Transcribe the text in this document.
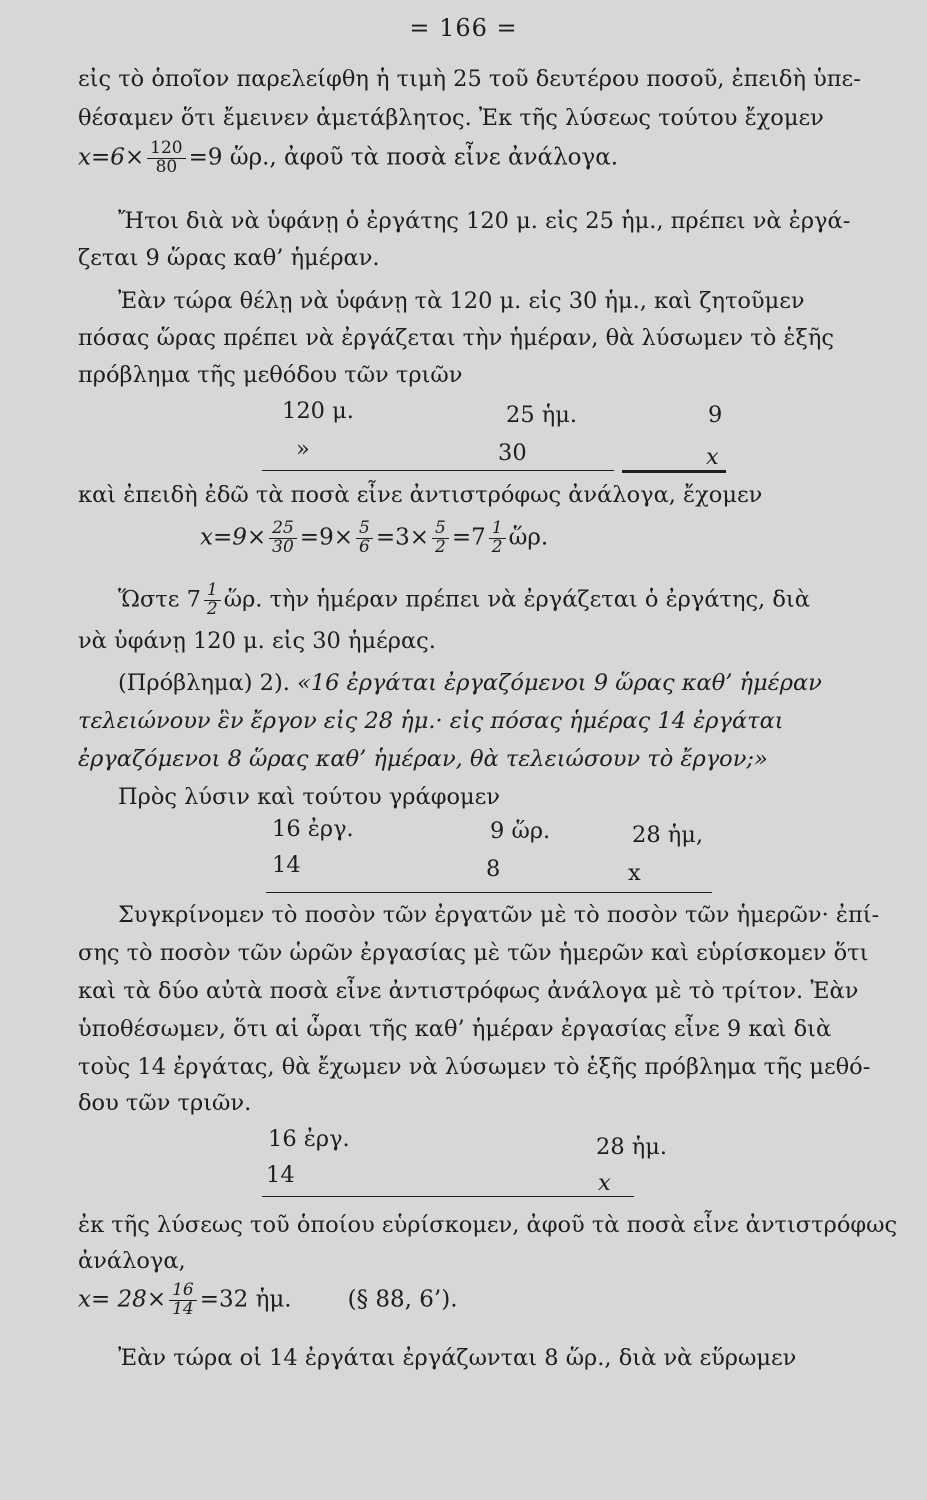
= 166 =
εἰς τὸ ὁποῖον παρελείφθη ἡ τιμὴ 25 τοῦ δευτέρου ποσοῦ, ἐπειδὴ ὑπε-
θέσαμεν ὅτι ἔμεινεν ἀμετάβλητος. Ἐκ τῆς λύσεως τούτου ἔχομεν
$x=6\times \frac{120}{80} =9$ ὥρ., ἀφοῦ τὰ ποσὰ εἶνε ἀνάλογα.
Ἤτοι διὰ νὰ ὑφάνῃ ὁ ἐργάτης 120 μ. εἰς 25 ἡμ., πρέπει νὰ ἐργά-
ζεται 9 ὥρας καθ’ ἡμέραν.
Ἐὰν τώρα θέλῃ νὰ ὑφάνῃ τὰ 120 μ. εἰς 30 ἡμ., καὶ ζητοῦμεν
πόσας ὥρας πρέπει νὰ ἐργάζεται τὴν ἡμέραν, θὰ λύσωμεν τὸ ἑξῆς
πρόβλημα τῆς μεθόδου τῶν τριῶν
120 μ.	25 ἡμ.	9
»	30	x
καὶ ἐπειδὴ ἐδῶ τὰ ποσὰ εἶνε ἀντιστρόφως ἀνάλογα, ἔχομεν
$x=9\times \frac{25}{30} =9\times \frac{5}{6} =3\times \frac{5}{2} =7 \frac{1}{2}$ ὥρ.
Ὥστε $7 \frac{1}{2}$ ὥρ. τὴν ἡμέραν πρέπει νὰ ἐργάζεται ὁ ἐργάτης, διὰ
νὰ ὑφάνῃ 120 μ. εἰς 30 ἡμέρας.
(Πρόβλημα) 2). «16 ἐργάται ἐργαζόμενοι 9 ὥρας καθ’ ἡμέραν
τελειώνουν ἓν ἔργον εἰς 28 ἡμ.· εἰς πόσας ἡμέρας 14 ἐργάται
ἐργαζόμενοι 8 ὥρας καθ’ ἡμέραν, θὰ τελειώσουν τὸ ἔργον;»
Πρὸς λύσιν καὶ τούτου γράφομεν
16 ἐργ.	9 ὥρ.	28 ἡμ,
14	8	x
Συγκρίνομεν τὸ ποσὸν τῶν ἐργατῶν μὲ τὸ ποσὸν τῶν ἡμερῶν· ἐπί-
σης τὸ ποσὸν τῶν ὡρῶν ἐργασίας μὲ τῶν ἡμερῶν καὶ εὑρίσκομεν ὅτι
καὶ τὰ δύο αὐτὰ ποσὰ εἶνε ἀντιστρόφως ἀνάλογα μὲ τὸ τρίτον. Ἐὰν
ὑποθέσωμεν, ὅτι αἱ ὧραι τῆς καθ’ ἡμέραν ἐργασίας εἶνε 9 καὶ διὰ
τοὺς 14 ἐργάτας, θὰ ἔχωμεν νὰ λύσωμεν τὸ ἑξῆς πρόβλημα τῆς μεθό-
δου τῶν τριῶν.
16 ἐργ.	28 ἡμ.
14	x
ἐκ τῆς λύσεως τοῦ ὁποίου εὑρίσκομεν, ἀφοῦ τὰ ποσὰ εἶνε ἀντιστρόφως
ἀνάλογα,
$x= 28\times \frac{16}{14} =32$ ἡμ. (§ 88, 6’).
Ἐὰν τώρα οἱ 14 ἐργάται ἐργάζωνται 8 ὥρ., διὰ νὰ εὕρωμεν
